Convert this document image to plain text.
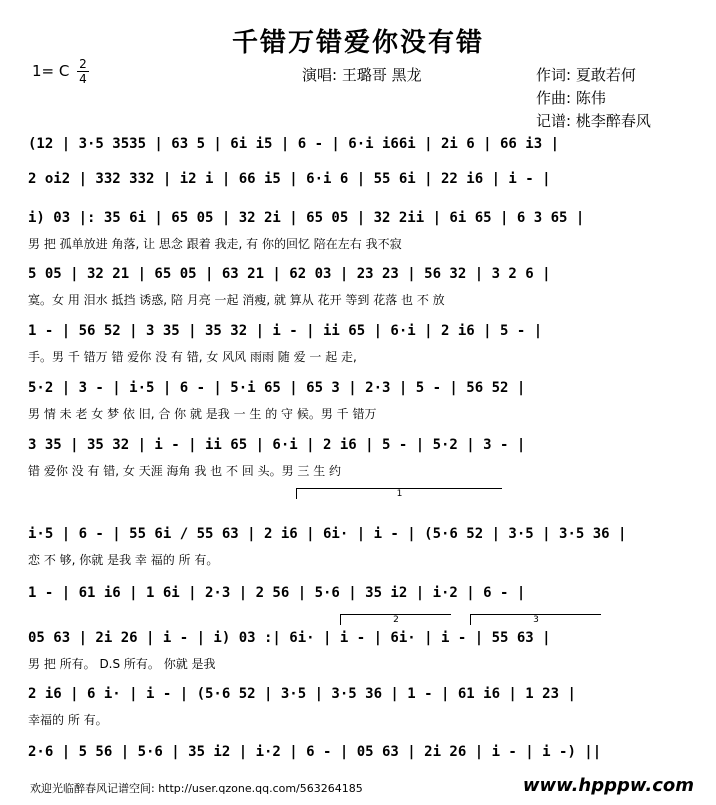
千错万错爱你没有错
1= C 2
4	演唱: 王璐哥 黑龙	作词: 夏敢若何
作曲: 陈伟
记谱: 桃李醉春风
(12 | 3·5 3535 | 63 5 | 6i i5 | 6 - | 6·i i66i | 2i 6 | 66 i3 |
2 oi2 | 332 332 | i2 i | 66 i5 | 6·i 6 | 55 6i | 22 i6 | i - |
i) 03 |: 35 6i | 65 05 | 32 2i | 65 05 | 32 2ii | 6i 65 | 6 3 65 |
男 把 孤单放进 角落, 让 思念 跟着 我走, 有 你的回忆 陪在左右 我不寂
5 05 | 32 21 | 65 05 | 63 21 | 62 03 | 23 23 | 56 32 | 3 2 6 |
寞。女 用 泪水 抵挡 诱惑, 陪 月亮 一起 消瘦, 就 算从 花开 等到 花落 也 不 放
1 - | 56 52 | 3 35 | 35 32 | i - | ii 65 | 6·i | 2 i6 | 5 - |
手。男 千 错万 错 爱你 没 有 错, 女 风风 雨雨 随 爱 一 起 走,
5·2 | 3 - | i·5 | 6 - | 5·i 65 | 65 3 | 2·3 | 5 - | 56 52 |
男 情 未 老 女 梦 依 旧, 合 你 就 是我 一 生 的 守 候。男 千 错万
3 35 | 35 32 | i - | ii 65 | 6·i | 2 i6 | 5 - | 5·2 | 3 - |
错 爱你 没 有 错, 女 天涯 海角 我 也 不 回 头。男 三 生 约
1
i·5 | 6 - | 55 6i / 55 63 | 2 i6 | 6i· | i - | (5·6 52 | 3·5 | 3·5 36 |
恋 不 够, 你就 是我 幸 福的 所 有。
1 - | 61 i6 | 1 6i | 2·3 | 2 56 | 5·6 | 35 i2 | i·2 | 6 - |
2	3
05 63 | 2i 26 | i - | i) 03 :| 6i· | i - | 6i· | i - | 55 63 |
男 把 所有。 D.S 所有。 你就 是我
2 i6 | 6 i· | i - | (5·6 52 | 3·5 | 3·5 36 | 1 - | 61 i6 | 1 23 |
幸福的 所 有。
2·6 | 5 56 | 5·6 | 35 i2 | i·2 | 6 - | 05 63 | 2i 26 | i - | i -) ||
欢迎光临醉春风记谱空间: http://user.qzone.qq.com/563264185	www.hpppw.com
